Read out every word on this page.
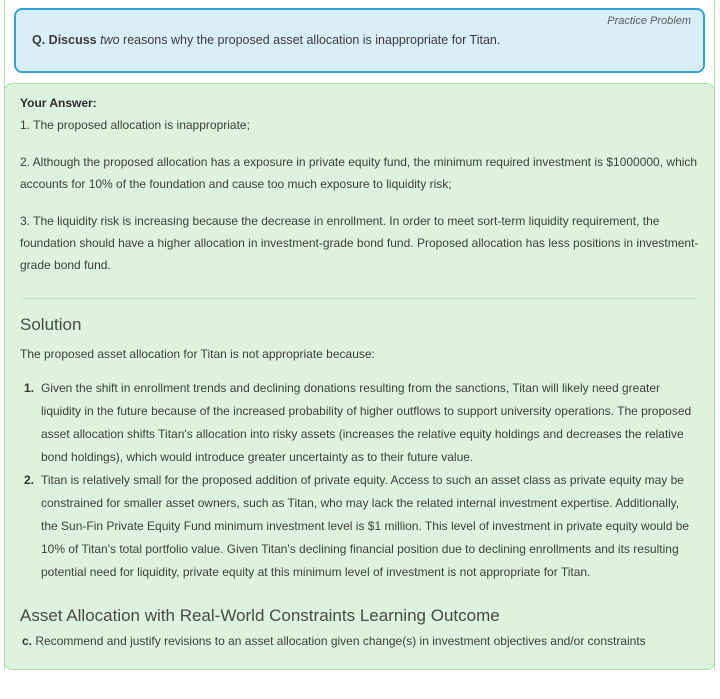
Practice Problem
Q. Discuss two reasons why the proposed asset allocation is inappropriate for Titan.
Your Answer:

1. The proposed allocation is inappropriate;

2. Although the proposed allocation has a exposure in private equity fund, the minimum required investment is $1000000, which accounts for 10% of the foundation and cause too much exposure to liquidity risk;

3. The liquidity risk is increasing because the decrease in enrollment. In order to meet sort-term liquidity requirement, the foundation should have a higher allocation in investment-grade bond fund. Proposed allocation has less positions in investment-grade bond fund.

Solution

The proposed asset allocation for Titan is not appropriate because:

1. Given the shift in enrollment trends and declining donations resulting from the sanctions, Titan will likely need greater liquidity in the future because of the increased probability of higher outflows to support university operations. The proposed asset allocation shifts Titan's allocation into risky assets (increases the relative equity holdings and decreases the relative bond holdings), which would introduce greater uncertainty as to their future value.
2. Titan is relatively small for the proposed addition of private equity. Access to such an asset class as private equity may be constrained for smaller asset owners, such as Titan, who may lack the related internal investment expertise. Additionally, the Sun-Fin Private Equity Fund minimum investment level is $1 million. This level of investment in private equity would be 10% of Titan's total portfolio value. Given Titan's declining financial position due to declining enrollments and its resulting potential need for liquidity, private equity at this minimum level of investment is not appropriate for Titan.
Asset Allocation with Real-World Constraints Learning Outcome
c. Recommend and justify revisions to an asset allocation given change(s) in investment objectives and/or constraints
